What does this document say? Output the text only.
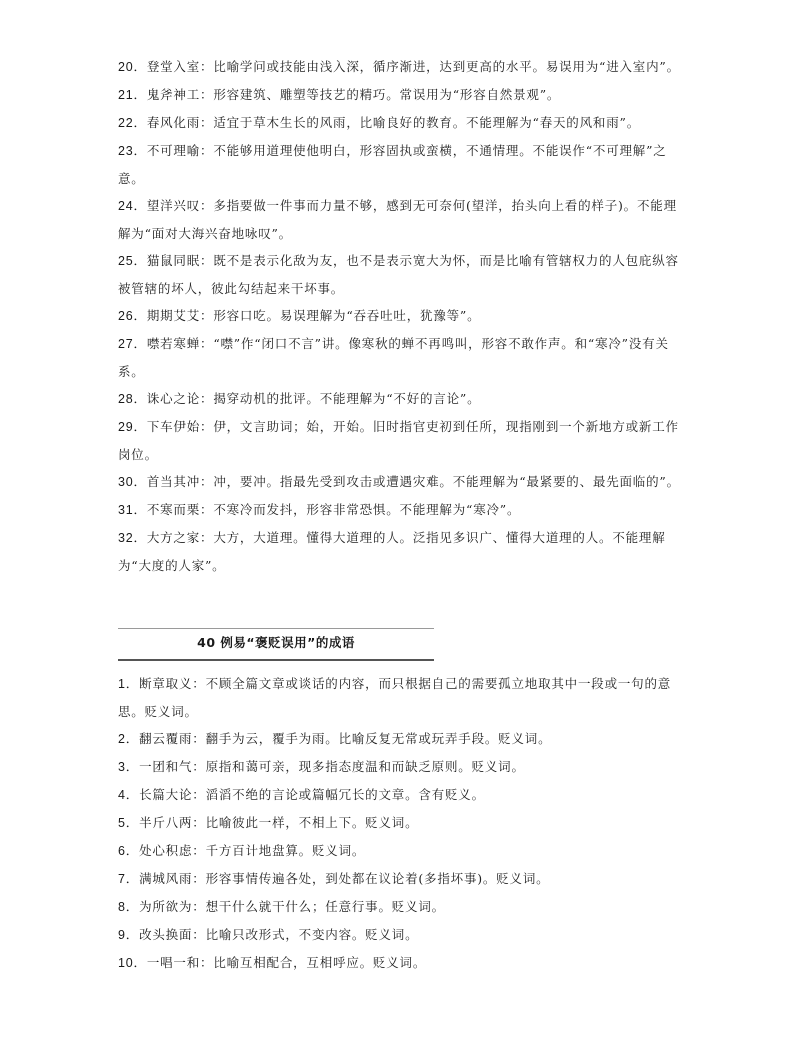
20．登堂入室：比喻学问或技能由浅入深，循序渐进，达到更高的水平。易误用为“进入室内”。
21．鬼斧神工：形容建筑、雕塑等技艺的精巧。常误用为“形容自然景观”。
22．春风化雨：适宜于草木生长的风雨，比喻良好的教育。不能理解为“春天的风和雨”。
23．不可理喻：不能够用道理使他明白，形容固执或蛮横，不通情理。不能误作“不可理解”之意。
24．望洋兴叹：多指要做一件事而力量不够，感到无可奈何(望洋，抬头向上看的样子)。不能理解为“面对大海兴奋地咏叹”。
25．猫鼠同眠：既不是表示化敌为友，也不是表示宽大为怀，而是比喻有管辖权力的人包庇纵容被管辖的坏人，彼此勾结起来干坏事。
26．期期艾艾：形容口吃。易误理解为“吞吞吐吐，犹豫等”。
27．噤若寒蝉：“噤”作“闭口不言”讲。像寒秋的蝉不再鸣叫，形容不敢作声。和“寒冷”没有关系。
28．诛心之论：揭穿动机的批评。不能理解为“不好的言论”。
29．下车伊始：伊，文言助词；始，开始。旧时指官吏初到任所，现指刚到一个新地方或新工作岗位。
30．首当其冲：冲，要冲。指最先受到攻击或遭遇灾难。不能理解为“最紧要的、最先面临的”。
31．不寒而栗：不寒冷而发抖，形容非常恐惧。不能理解为“寒冷”。
32．大方之家：大方，大道理。懂得大道理的人。泛指见多识广、懂得大道理的人。不能理解为“大度的人家”。
40 例易“褒贬误用”的成语
1．断章取义：不顾全篇文章或谈话的内容，而只根据自己的需要孤立地取其中一段或一句的意思。贬义词。
2．翻云覆雨：翻手为云，覆手为雨。比喻反复无常或玩弄手段。贬义词。
3．一团和气：原指和蔼可亲，现多指态度温和而缺乏原则。贬义词。
4．长篇大论：滔滔不绝的言论或篇幅冗长的文章。含有贬义。
5．半斤八两：比喻彼此一样，不相上下。贬义词。
6．处心积虑：千方百计地盘算。贬义词。
7．满城风雨：形容事情传遍各处，到处都在议论着(多指坏事)。贬义词。
8．为所欲为：想干什么就干什么；任意行事。贬义词。
9．改头换面：比喻只改形式，不变内容。贬义词。
10．一唱一和：比喻互相配合，互相呼应。贬义词。
